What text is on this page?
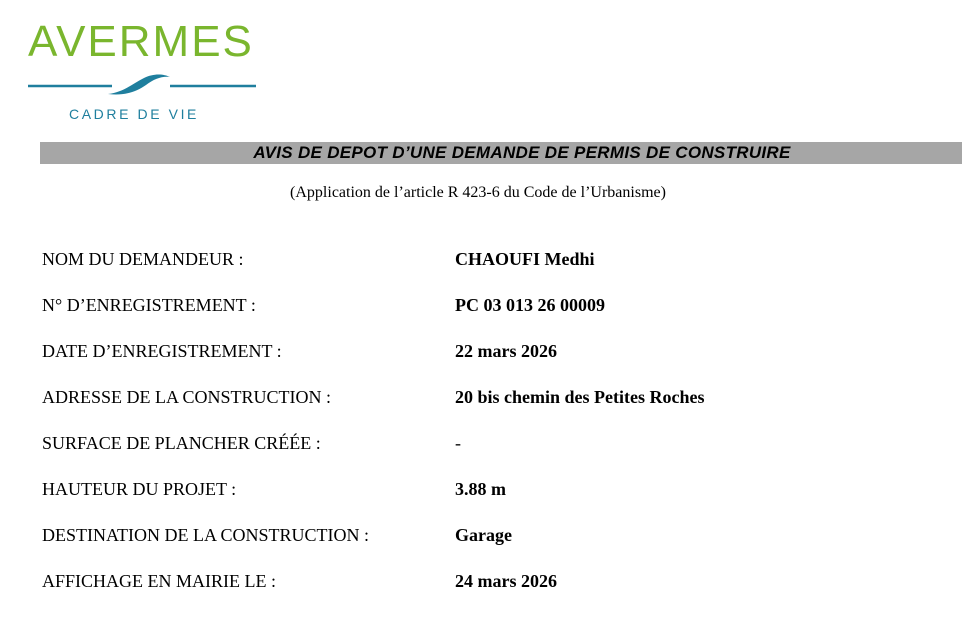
AVERMES
CADRE DE VIE
AVIS DE DEPOT D’UNE DEMANDE DE PERMIS DE CONSTRUIRE
(Application de l’article R 423-6 du Code de l’Urbanisme)
NOM DU DEMANDEUR :	CHAOUFI Medhi
N° D’ENREGISTREMENT :	PC 03 013 26 00009
DATE D’ENREGISTREMENT :	22 mars 2026
ADRESSE DE LA CONSTRUCTION :	20 bis chemin des Petites Roches
SURFACE DE PLANCHER CRÉÉE :	-
HAUTEUR DU PROJET :	3.88 m
DESTINATION DE LA CONSTRUCTION :	Garage
AFFICHAGE EN MAIRIE LE :	24 mars 2026
